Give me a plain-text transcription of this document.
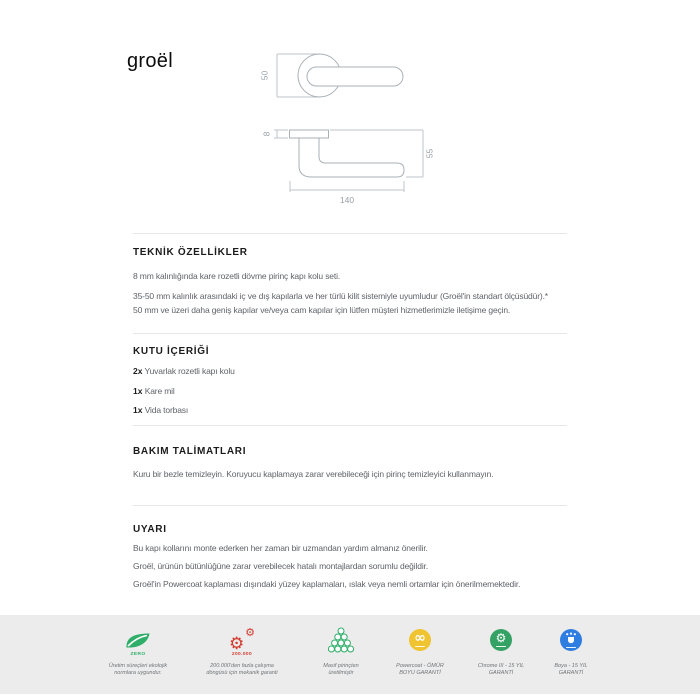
groël
50
8
55
140
TEKNİK ÖZELLİKLER
8 mm kalınlığında kare rozetli dövme pirinç kapı kolu seti.
35-50 mm kalınlık arasındaki iç ve dış kapılarla ve her türlü kilit sistemiyle uyumludur (Groël'in standart ölçüsüdür).*
50 mm ve üzeri daha geniş kapılar ve/veya cam kapılar için lütfen müşteri hizmetlerimizle iletişime geçin.
KUTU İÇERİĞİ
2x Yuvarlak rozetli kapı kolu
1x Kare mil
1x Vida torbası
BAKIM TALİMATLARI
Kuru bir bezle temizleyin. Koruyucu kaplamaya zarar verebileceği için pirinç temizleyici kullanmayın.
UYARI
Bu kapı kollarını monte ederken her zaman bir uzmandan yardım almanız önerilir.
Groël, ürünün bütünlüğüne zarar verebilecek hatalı montajlardan sorumlu değildir.
Groël'in Powercoat kaplaması dışındaki yüzey kaplamaları, ıslak veya nemli ortamlar için önerilmemektedir.
ZERO
Üretim süreçleri ekolojik
normlara uygundur.
⚙
⚙
200.000
200.000'den fazla çalışma
döngüsü için mekanik garanti
Masif pirinçten
üretilmiştir
∞
Powercoat - ÖMÜR
BOYU GARANTİ
⚙
Chrome III - 15 YIL
GARANTİ
Boya - 15 YIL
GARANTİ
